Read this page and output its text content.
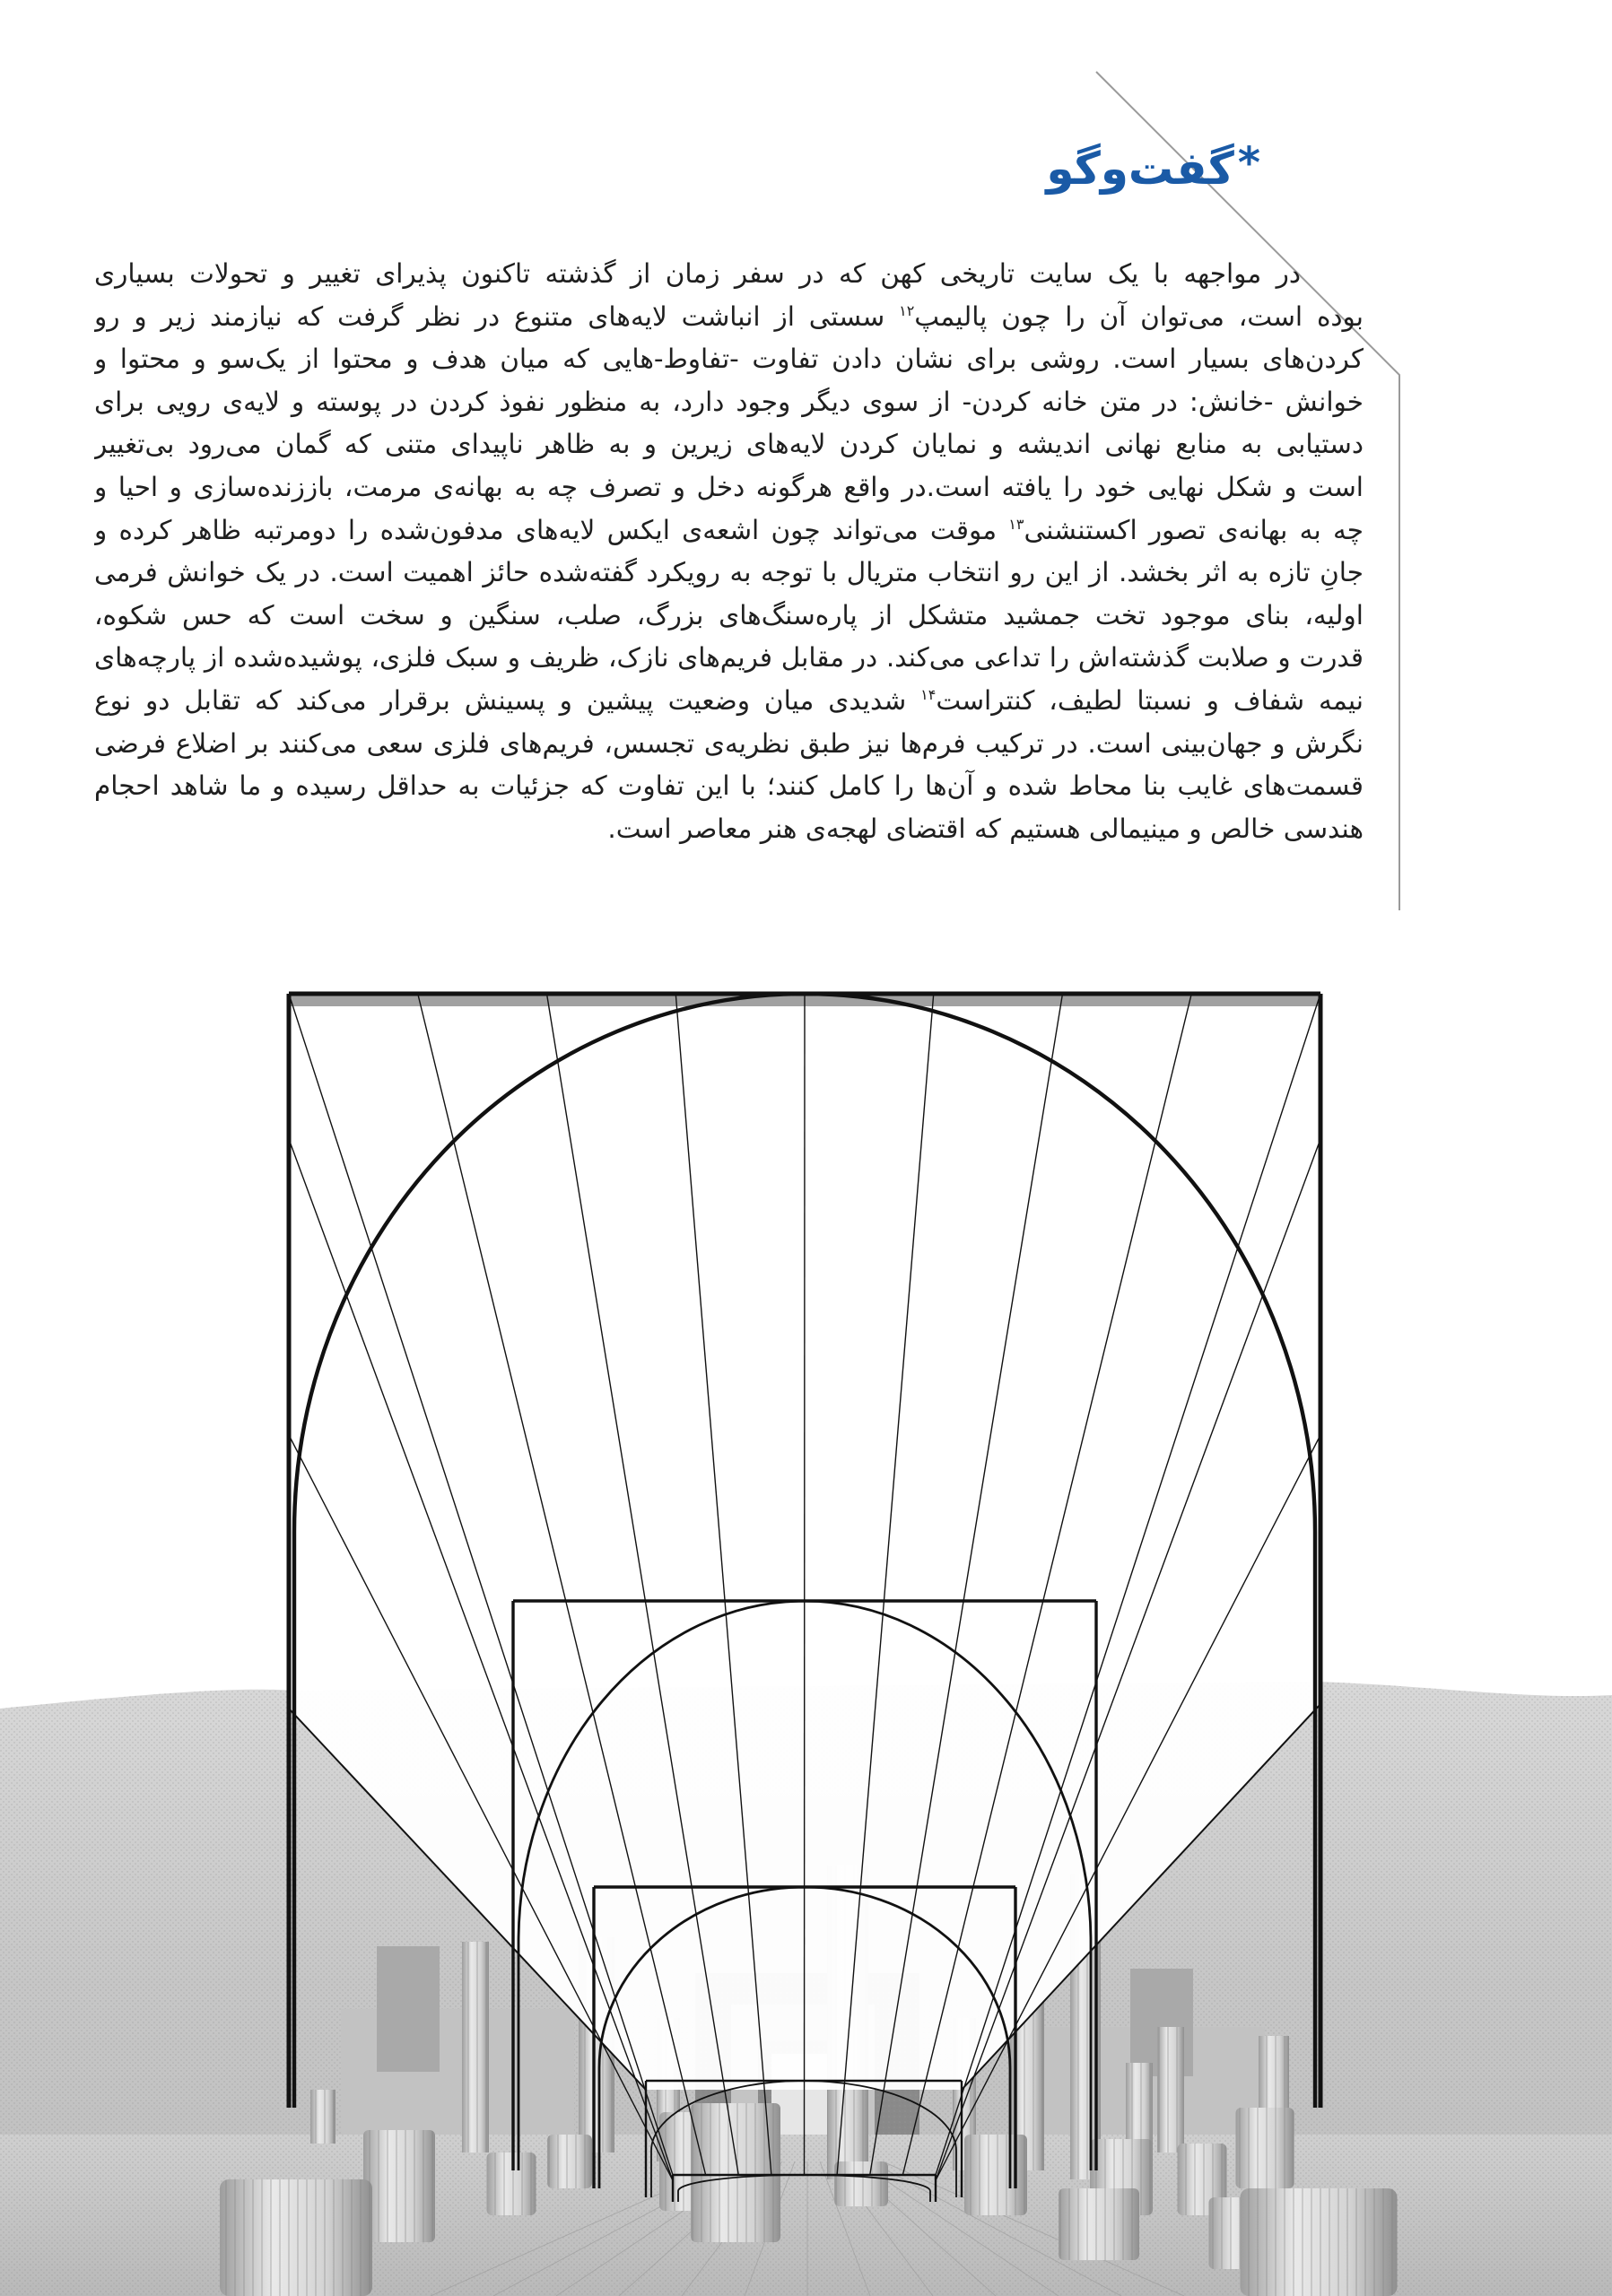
*گفت‌وگو
در مواجهه با یک سایت تاریخی کهن که در سفر زمان از گذشته تاکنون پذیرای تغییر و تحولات بسیاری
بوده است، می‌توان آن را چون پالیمپ$^{۱۲}$ سستی از انباشت لایه‌های متنوع در نظر گرفت که نیازمند زیر و رو
کردن‌های بسیار است. روشی برای نشان دادن تفاوت -تفاوط-هایی که میان هدف و محتوا از یک‌سو و محتوا و
خوانش -خانش: در متن خانه کردن- از سوی دیگر وجود دارد، به منظور نفوذ کردن در پوسته و لایه‌ی رویی برای
دستیابی به منابع نهانی اندیشه و نمایان کردن لایه‌های زیرین و به ظاهر ناپیدای متنی که گمان می‌رود بی‌تغییر
است و شکل نهایی خود را یافته است.در واقع هرگونه دخل و تصرف چه به بهانه‌ی مرمت، باززنده‌سازی و احیا و
چه به بهانه‌ی تصور اکستنشنی$^{۱۳}$ موقت می‌تواند چون اشعه‌ی ایکس لایه‌های مدفون‌شده را دومرتبه ظاهر کرده و
جانِ تازه به اثر بخشد. از این رو انتخاب متریال با توجه به رویکرد گفته‌شده حائز اهمیت است. در یک خوانش فرمی
اولیه، بنای موجود تخت جمشید متشکل از پاره‌سنگ‌های بزرگ، صلب، سنگین و سخت است که حس شکوه،
قدرت و صلابت گذشته‌اش را تداعی می‌کند. در مقابل فریم‌های نازک، ظریف و سبک فلزی، پوشیده‌شده از پارچه‌های
نیمه شفاف و نسبتا لطیف، کنتراست$^{۱۴}$ شدیدی میان وضعیت پیشین و پسینش برقرار می‌کند که تقابل دو نوع
نگرش و جهان‌بینی است. در ترکیب فرم‌ها نیز طبق نظریه‌ی تجسس، فریم‌های فلزی سعی می‌کنند بر اضلاع فرضی
قسمت‌های غایب بنا محاط شده و آن‌ها را کامل کنند؛ با این تفاوت که جزئیات به حداقل رسیده و ما شاهد احجام
هندسی خالص و مینیمالی هستیم که اقتضای لهجه‌ی هنر معاصر است.
